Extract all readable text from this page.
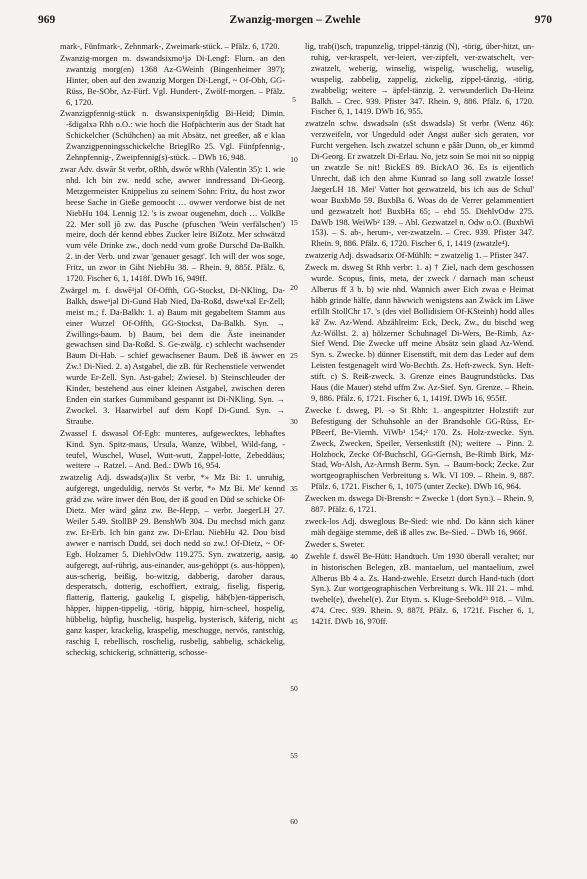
969	Zwanzig-morgen – Zwehle	970

mark-, Fünfmark-, Zehnmark-, Zweimark-stück. – Pfälz. 6, 1720.

Zwanzig-morgen m. dswandsixmo¹jə Di-Lengf: Flurn. an den zwantzig morg(en) 1368 Az-GWeinh (Bingenheimer 397); Hinter, oben auf den zwanzig Morgen Di-Lengf, ~ Of-Obh, GG-Rüss, Be-SObr, Az-Fürf. Vgl. Hundert-, Zwölf-morgen. – Pfälz. 6, 1720.

Zwanzigpfennig-stück n. dswansixpeniŋšdig Bi-Heid; Dimin. -šdigəlxə Rhh o.O.: wie hoch die Hofpächterin aus der Stadt hat Schickelcher (Schühchen) aa mit Absätz, net greeßer, aß e klaa Zwanzigpenningsschickelche BrieglRo 25. Vgl. Fünfpfennig-, Zehnpfennig-, Zweipfennig(s)-stück. – DWb 16, 948.

zwar Adv. dswār St verbr, oRhh, dswōr wRhh (Valentin 35): 1. wie nhd. Ich bin zw. nedd sche, awwer inndressand Di-Georg. Metzgermeister Knippelius zu seinem Sohn: Fritz, du host zwor beese Sache in Gieße gemoocht … owwer verdorwe bist de net NiebHu 104. Lennig 12. 's is zwoar ougenehm, doch … VolkBe 22. Mer soll jõ zw. das Pusche (pfuschen 'Wein verfälschen') meire, doch dér kennd ebbes Zucker leire BiZotz. Mer schwätzd vum véle Drinke zw., doch nedd vum große Durschd Da-Balkh. 2. in der Verb. und zwar 'genauer gesagt'. Ich will der wos soge, Fritz, un zwor in Giht NiebHu 38. – Rhein. 9, 885f. Pfälz. 6, 1720. Fischer 6, 1, 1418f. DWb 16, 949ff.

Zwärgel m. f. dswē¹jəl Of-Offth, GG-Stockst, Di-NKling, Da-Balkh, dswe¹jəl Di-Gund Hab Nied, Da-Roßd, dswe¹xəl Er-Zell; meist m.; f. Da-Balkh: 1. a) Baum mit gegabeltem Stamm aus einer Wurzel Of-Offth, GG-Stockst, Da-Balkh. Syn. → Zwillings-baum. b) Baum, bei dem die Äste ineinander gewachsen sind Da-Roßd. S. Ge-zwälg. c) schlecht wachsender Baum Di-Hab. – schief gewachsener Baum. Deß iß äwwer en Zw.! Di-Nied. 2. a) Astgabel, die zB. für Rechenstiele verwendet wurde Er-Zell. Syn. Ast-gabel; Zwiesel. b) Steinschleuder der Kinder, bestehend aus einer kleinen Astgabel, zwischen deren Enden ein starkes Gummiband gespannt ist Di-NKling. Syn. → Zwockel. 3. Haarwirbel auf dem Kopf Di-Gund. Syn. → Straube.

Zwassel f. dswasəl Of-Egb: munteres, aufgewecktes, lebhaftes Kind. Syn. Spitz-maus, Ursula, Wanze, Wibbel, Wild-fang, -teufel, Wuschel, Wusel, Wutt-wutt, Zappel-lotte, Zebeddäus; weitere → Ratzel. – And. Bed.: DWb 16, 954.

zwatzelig Adj. dswads(ə)lix St verbr, *» Mz Bi: 1. unruhig, aufgeregt, ungeduldig, nervös St verbr, *» Mz Bi. Me' kennd gräd zw. wäre inwer dén Bou, der iß goud en Düd se schicke Of-Dietz. Mer wärd gånz zw. Be-Hepp, – verbr. JaegerLH 27. Weiler 5.49. StollBP 29. BenshWb 304. Du mechsd mich ganz zw. Er-Erb. Ich bin ganz zw. Di-Erlau. NiebHu 42. Dou bisd awwer e narrisch Dudd, sei doch nedd so zw.! Of-Dietz, ~ Of-Egb. Holzamer 5. DiehlvOdw 119.275. Syn. zwatzerig, aasig, aufgeregt, auf-rührig, aus-einander, aus-gehöppt (s. aus-höppen), aus-scherig, beißig, bo-witzig, dabberig, darober daraus, desperatsch, dotterig, eschoffiert, extraig, fiselig, fisperig, flatterig, flatterig, gaukelig I, gispelig, häb(b)en-täpperisch, häpper, hippen-tippelig, -törig, häppig, hirn-scheel, hospelig, hübbelig, hüpfig, huschelig, huspelig, hysterisch, käferig, nicht ganz kasper, krackelig, kraspelig, meschugge, nervös, rantschig, raschig I, rebellisch, roschelig, rusbelig, sabbelig, schäckelig, scheckig, schickerig, schnätterig, schosse-

5
10
15
20
25
30
35
40
45
50
55
60

lig, trab(i)sch, trapunzelig, trippel-tänzig (N), -törig, über-hitzt, un-ruhig, ver-kraspelt, ver-leiert, ver-zipfelt, ver-zwatschelt, ver-zwatzelt, weberig, winselig, wispelig, wuschelig, wuselig, wuspelig, zabbelig, zappelig, zickelig, zippel-tänzig, -törig, zwabbelig; weitere → äpfel-tänzig. 2. verwunderlich Da-Heinz Balkh. – Crec. 939. Pfister 347. Rhein. 9, 886. Pfälz. 6, 1720. Fischer 6, 1, 1419. DWb 16, 955.

zwatzeln schw. dswadsəln (sSt dswadslə) St verbr (Wenz 46): verzweifeln, vor Ungeduld oder Angst außer sich geraten, vor Furcht vergehen. Isch zwatzel schunn e pââr Dunn, ob_er kimmd Di-Georg. Er zwatzelt Di-Erlau. No, jetz soin Se moi nit so nippig un zwatzle Se nit! BickES 89. BickAO 36. Es is eijentlich Unrecht, daß ich den ahme Kunrad so lang soll zwatzle losse! JaegerLH 18. Mei' Vatter hot gezwatzeld, bis ich aus de Schul' woar BuxbMo 59. BuxbBa 6. Woas do de Verrer gelammentiert und gezwatzelt hot! BuxbHa 65; – ebd 55. DiehlvOdw 275. DaWb 198. WeiWb² 139. – Abl. Gezwatzel n. Odw o.O. (BuxbWi 153). – S. ab-, herum-, ver-zwatzeln. – Crec. 939. Pfister 347. Rhein. 9, 886. Pfälz. 6, 1720. Fischer 6, 1, 1419 (zwatzle⁴).

zwatzerig Adj. dswadsərix Of-Mühlh: = zwatzelig 1. – Pfister 347.

Zweck m. dsweg St Rhh verbr: 1. a) † Ziel, nach dem geschossen wurde. Scopus, finis, meta, der zweck / darnach man scheust Alberus ff 3 b. b) wie nhd. Wannich awer Eich zwaa e Heimat häbb grinde hälfe, dann häwwich wenigstens aan Zwäck im Läwe erfillt StollChr 17. 's (des viel Bollidisiern Of-KSteinh) hodd alles kā' Zw. Az-Wend. Abzählreim: Eck, Deck, Zw., du bischd weg Az-Wöllst. 2. a) hölzerner Schuhnagel Di-Wers, Be-Rimb, Az-Sief Wend. Die Zwecke uff meine Absätz sein glaad Az-Wend. Syn. s. Zwecke. b) dünner Eisenstift, mit dem das Leder auf dem Leisten festgenagelt wird Wo-Bechth. Zs. Heft-zweck. Syn. Heft-stift. c) S. Reiß-zweck. 3. Grenze eines Baugrundstücks. Das Haus (die Mauer) stehd uffm Zw. Az-Sief. Syn. Grenze. – Rhein. 9, 886. Pfälz. 6, 1721. Fischer 6, 1, 1419f. DWb 16, 955ff.

Zwecke f. dsweg, Pl. -ə St Rhh: 1. angespitzter Holzstift zur Befestigung der Schuhsohle an der Brandsohle GG-Rüss, Er-PBeerf, Be-Viernh. ViWb¹ 154;² 170. Zs. Holz-zwecke. Syn. Zweck, Zwecken, Speiler, Versenkstift (N); weitere → Pinn. 2. Holzbock, Zecke Of-Buchschl, GG-Gernsh, Be-Rimb Birk, Mz-Stad, Wo-Alsh, Az-Armsh Berm. Syn. → Baum-bock; Zecke. Zur wortgeographischen Verbreitung s. Wk. VI 109. – Rhein. 9, 887. Pfälz. 6, 1721. Fischer 6, 1, 1075 (unter Zecke). DWb 16, 964.

Zwecken m. dswegə Di-Brensb: = Zwecke 1 (dort Syn.). – Rhein. 9, 887. Pfälz. 6, 1721.

zweck-los Adj. dsweglous Be-Sied: wie nhd. Do känn sich käner mäh degäige stemme, deß iß alles zw. Be-Sied. – DWb 16, 966f.

Zweder s. Sweter.

Zwehle f. dswēl Be-Hütt: Handtuch. Um 1930 überall veraltet; nur in historischen Belegen, zB. mantaelum, uel mantaelium, zwel Alberus Bb 4 a. Zs. Hand-zwehle. Ersetzt durch Hand-tuch (dort Syn.). Zur wortgeographischen Verbreitung s. Wk. III 21. – mhd. twehel(e), dwehel(e). Zur Etym. s. Kluge-Seebold²³ 918. – Vilm. 474. Crec. 939. Rhein. 9, 887f. Pfälz. 6, 1721f. Fischer 6, 1, 1421f. DWb 16, 970ff.
